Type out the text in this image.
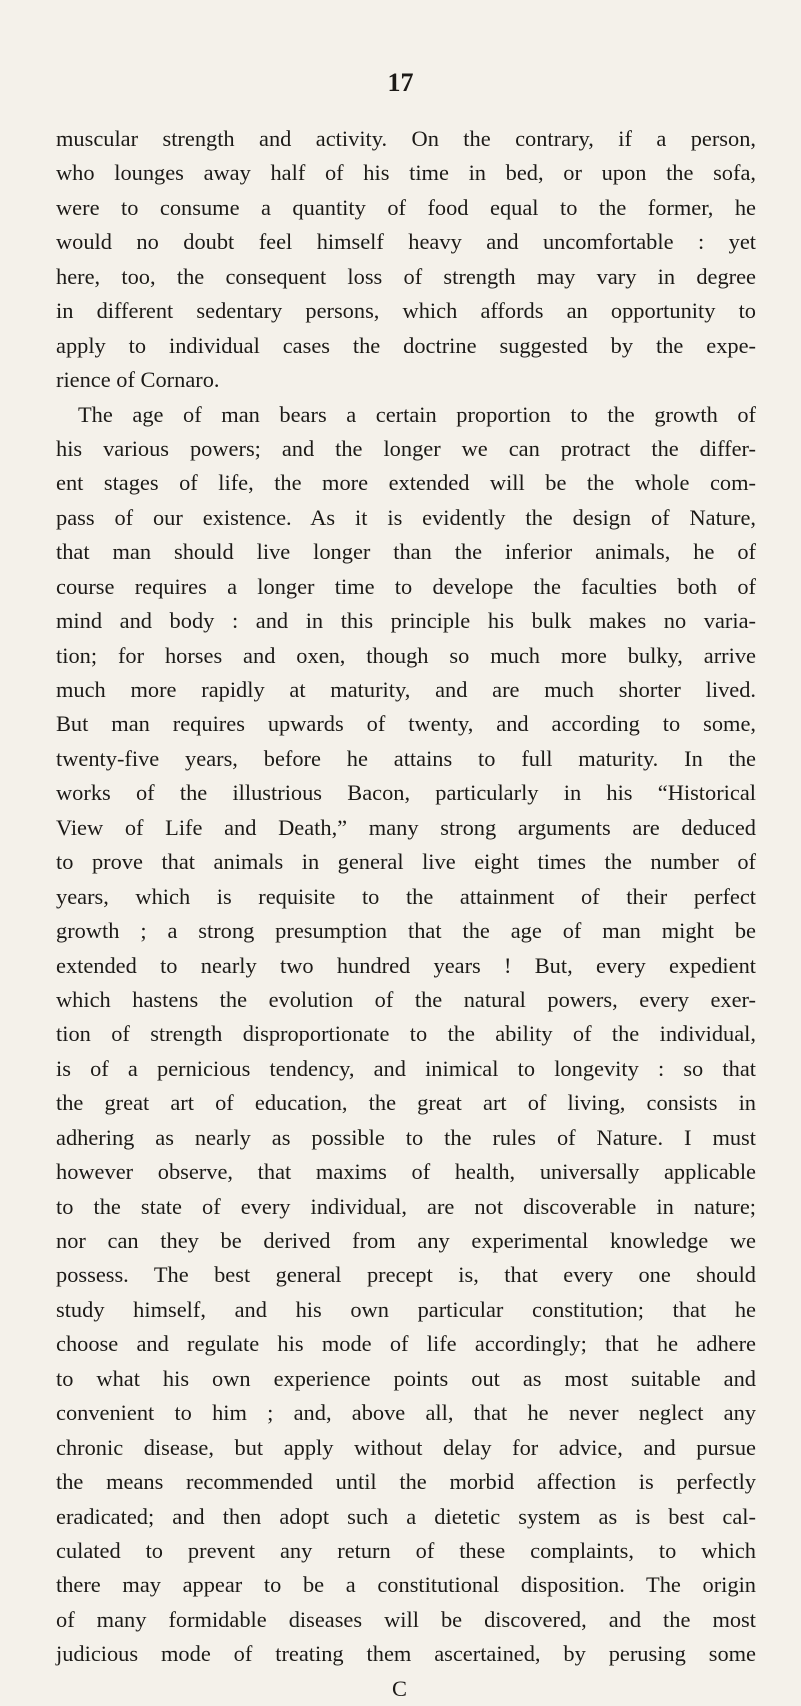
17
muscular strength and activity. On the contrary, if a person,
who lounges away half of his time in bed, or upon the sofa,
were to consume a quantity of food equal to the former, he
would no doubt feel himself heavy and uncomfortable : yet
here, too, the consequent loss of strength may vary in degree
in different sedentary persons, which affords an opportunity to
apply to individual cases the doctrine suggested by the expe-
rience of Cornaro.
The age of man bears a certain proportion to the growth of
his various powers; and the longer we can protract the differ-
ent stages of life, the more extended will be the whole com-
pass of our existence. As it is evidently the design of Nature,
that man should live longer than the inferior animals, he of
course requires a longer time to develope the faculties both of
mind and body : and in this principle his bulk makes no varia-
tion; for horses and oxen, though so much more bulky, arrive
much more rapidly at maturity, and are much shorter lived.
But man requires upwards of twenty, and according to some,
twenty-five years, before he attains to full maturity. In the
works of the illustrious Bacon, particularly in his “Historical
View of Life and Death,” many strong arguments are deduced
to prove that animals in general live eight times the number of
years, which is requisite to the attainment of their perfect
growth ; a strong presumption that the age of man might be
extended to nearly two hundred years ! But, every expedient
which hastens the evolution of the natural powers, every exer-
tion of strength disproportionate to the ability of the individual,
is of a pernicious tendency, and inimical to longevity : so that
the great art of education, the great art of living, consists in
adhering as nearly as possible to the rules of Nature. I must
however observe, that maxims of health, universally applicable
to the state of every individual, are not discoverable in nature;
nor can they be derived from any experimental knowledge we
possess. The best general precept is, that every one should
study himself, and his own particular constitution; that he
choose and regulate his mode of life accordingly; that he adhere
to what his own experience points out as most suitable and
convenient to him ; and, above all, that he never neglect any
chronic disease, but apply without delay for advice, and pursue
the means recommended until the morbid affection is perfectly
eradicated; and then adopt such a dietetic system as is best cal-
culated to prevent any return of these complaints, to which
there may appear to be a constitutional disposition. The origin
of many formidable diseases will be discovered, and the most
judicious mode of treating them ascertained, by perusing some
C
